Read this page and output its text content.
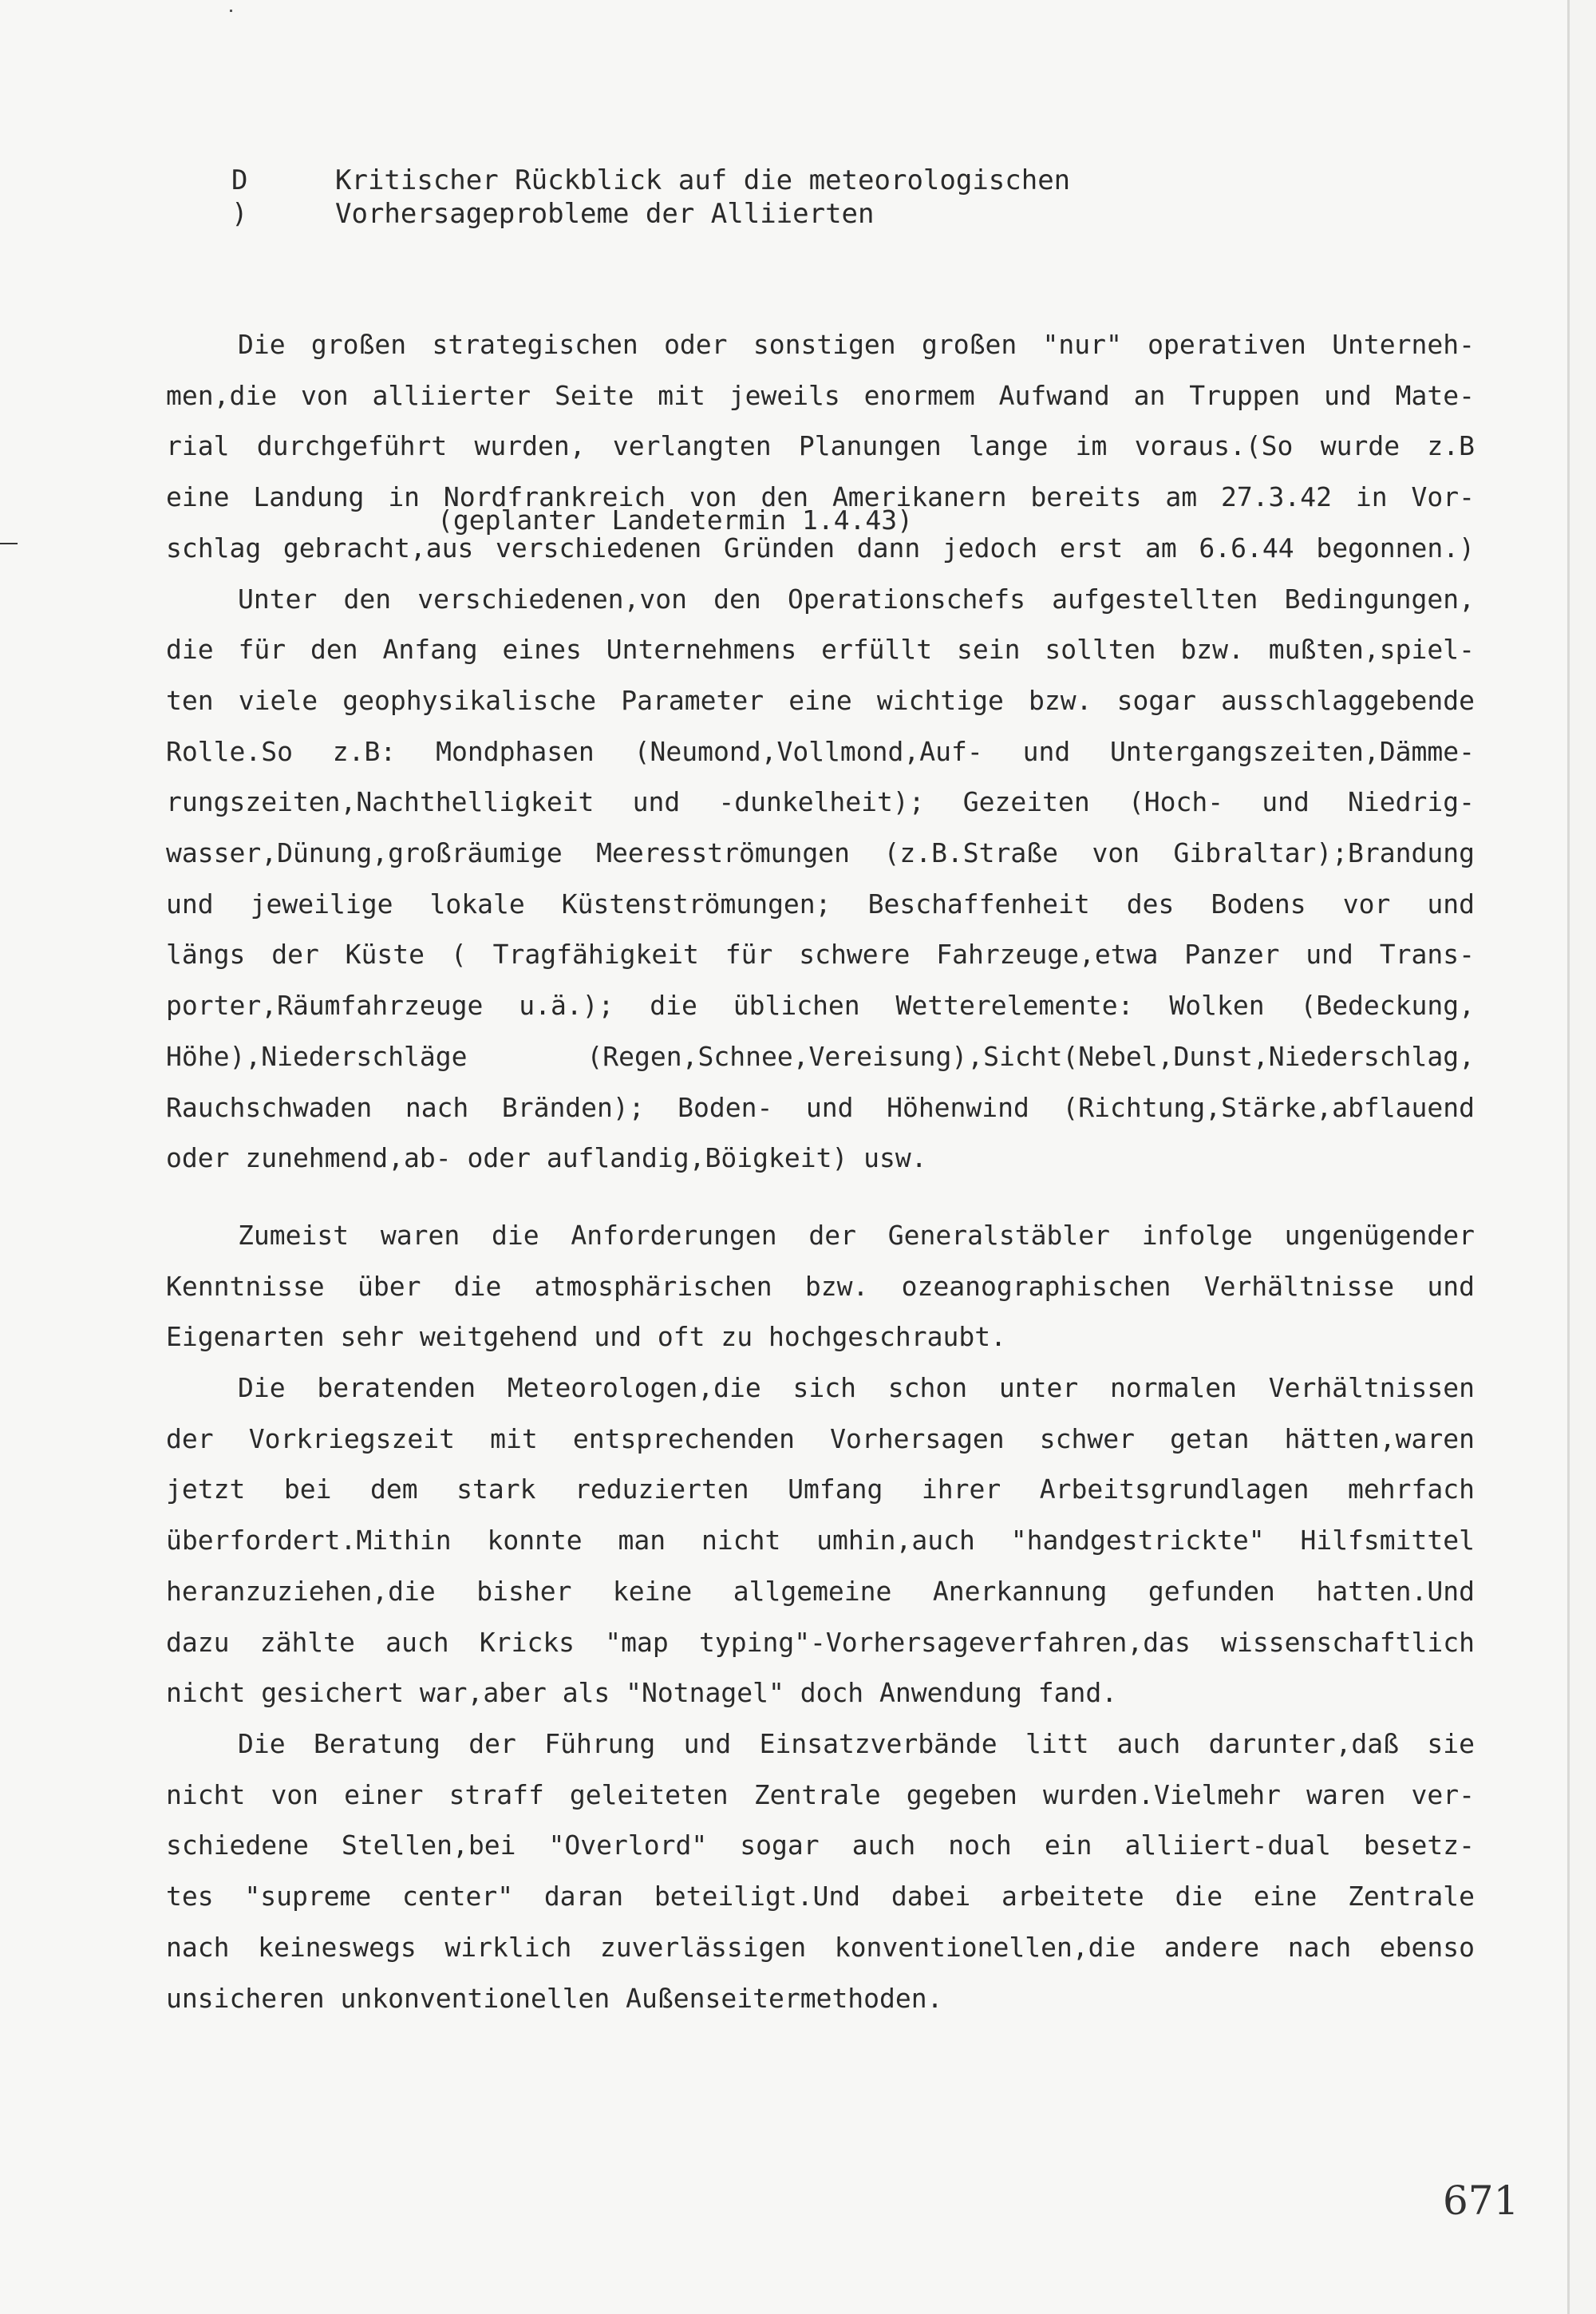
D )
Kritischer Rückblick auf die meteorologischen
Vorhersageprobleme der Alliierten
(geplanter Landetermin 1.4.43)
Die großen strategischen oder sonstigen großen "nur" operativen Unterneh-
men,die von alliierter Seite mit jeweils enormem Aufwand an Truppen und Mate-
rial durchgeführt wurden, verlangten Planungen lange im voraus.(So wurde z.B
eine Landung in Nordfrankreich von den Amerikanern bereits am 27.3.42 in Vor-
schlag gebracht,aus verschiedenen Gründen dann jedoch erst am 6.6.44 begonnen.)
Unter den verschiedenen,von den Operationschefs aufgestellten Bedingungen,
die für den Anfang eines Unternehmens erfüllt sein sollten bzw. mußten,spiel-
ten viele geophysikalische Parameter eine wichtige bzw. sogar ausschlaggebende
Rolle.So z.B: Mondphasen (Neumond,Vollmond,Auf- und Untergangszeiten,Dämme-
rungszeiten,Nachthelligkeit und -dunkelheit); Gezeiten (Hoch- und Niedrig-
wasser,Dünung,großräumige Meeresströmungen (z.B.Straße von Gibraltar);Brandung
und jeweilige lokale Küstenströmungen; Beschaffenheit des Bodens vor und
längs der Küste ( Tragfähigkeit für schwere Fahrzeuge,etwa Panzer und Trans-
porter,Räumfahrzeuge u.ä.); die üblichen Wetterelemente: Wolken (Bedeckung,
Höhe),Niederschläge (Regen,Schnee,Vereisung),Sicht(Nebel,Dunst,Niederschlag,
Rauchschwaden nach Bränden); Boden- und Höhenwind (Richtung,Stärke,abflauend
oder zunehmend,ab- oder auflandig,Böigkeit) usw.
Zumeist waren die Anforderungen der Generalstäbler infolge ungenügender
Kenntnisse über die atmosphärischen bzw. ozeanographischen Verhältnisse und
Eigenarten sehr weitgehend und oft zu hochgeschraubt.
Die beratenden Meteorologen,die sich schon unter normalen Verhältnissen
der Vorkriegszeit mit entsprechenden Vorhersagen schwer getan hätten,waren
jetzt bei dem stark reduzierten Umfang ihrer Arbeitsgrundlagen mehrfach
überfordert.Mithin konnte man nicht umhin,auch "handgestrickte" Hilfsmittel
heranzuziehen,die bisher keine allgemeine Anerkannung gefunden hatten.Und
dazu zählte auch Kricks "map typing"-Vorhersageverfahren,das wissenschaftlich
nicht gesichert war,aber als "Notnagel" doch Anwendung fand.
Die Beratung der Führung und Einsatzverbände litt auch darunter,daß sie
nicht von einer straff geleiteten Zentrale gegeben wurden.Vielmehr waren ver-
schiedene Stellen,bei "Overlord" sogar auch noch ein alliiert-dual besetz-
tes "supreme center" daran beteiligt.Und dabei arbeitete die eine Zentrale
nach keineswegs wirklich zuverlässigen konventionellen,die andere nach ebenso
unsicheren unkonventionellen Außenseitermethoden.
671
